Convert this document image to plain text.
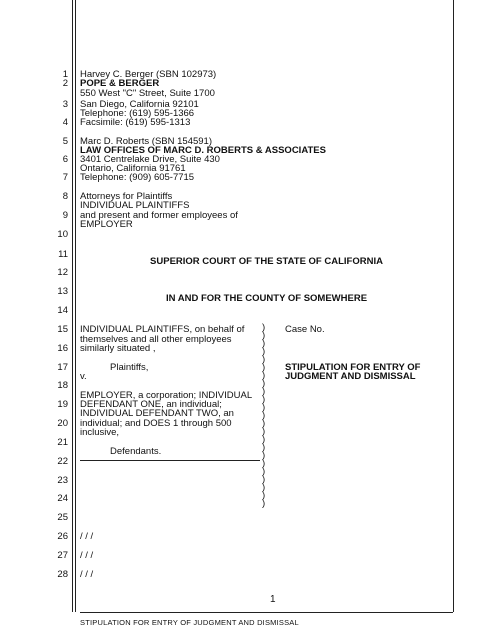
1
2
3
4
5
6
7
8
9
10
11
12
13
14
15
16
17
18
19
20
21
22
23
24
25
26
27
28
Harvey C. Berger (SBN 102973)
POPE & BERGER
550 West "C" Street, Suite 1700
San Diego, California 92101
Telephone: (619) 595-1366
Facsimile: (619) 595-1313
Marc D. Roberts (SBN 154591)
LAW OFFICES OF MARC D. ROBERTS & ASSOCIATES
3401 Centrelake Drive, Suite 430
Ontario, California 91761
Telephone: (909) 605-7715
Attorneys for Plaintiffs
INDIVIDUAL PLAINTIFFS
and present and former employees of
EMPLOYER
SUPERIOR COURT OF THE STATE OF CALIFORNIA
IN AND FOR THE COUNTY OF SOMEWHERE
INDIVIDUAL PLAINTIFFS, on behalf of
themselves and all other employees
similarly situated ,
Plaintiffs,
v.
EMPLOYER, a corporation; INDIVIDUAL
DEFENDANT ONE, an individual;
INDIVIDUAL DEFENDANT TWO, an
individual; and DOES 1 through 500
inclusive,
Defendants.
)
)
)
)
)
)
)
)
)
)
)
)
)
)
)
)
)
)
)
)
)
)
)
Case No.
STIPULATION FOR ENTRY OF
JUDGMENT AND DISMISSAL
/ / /
/ / /
/ / /
1
STIPULATION FOR ENTRY OF JUDGMENT AND DISMISSAL
